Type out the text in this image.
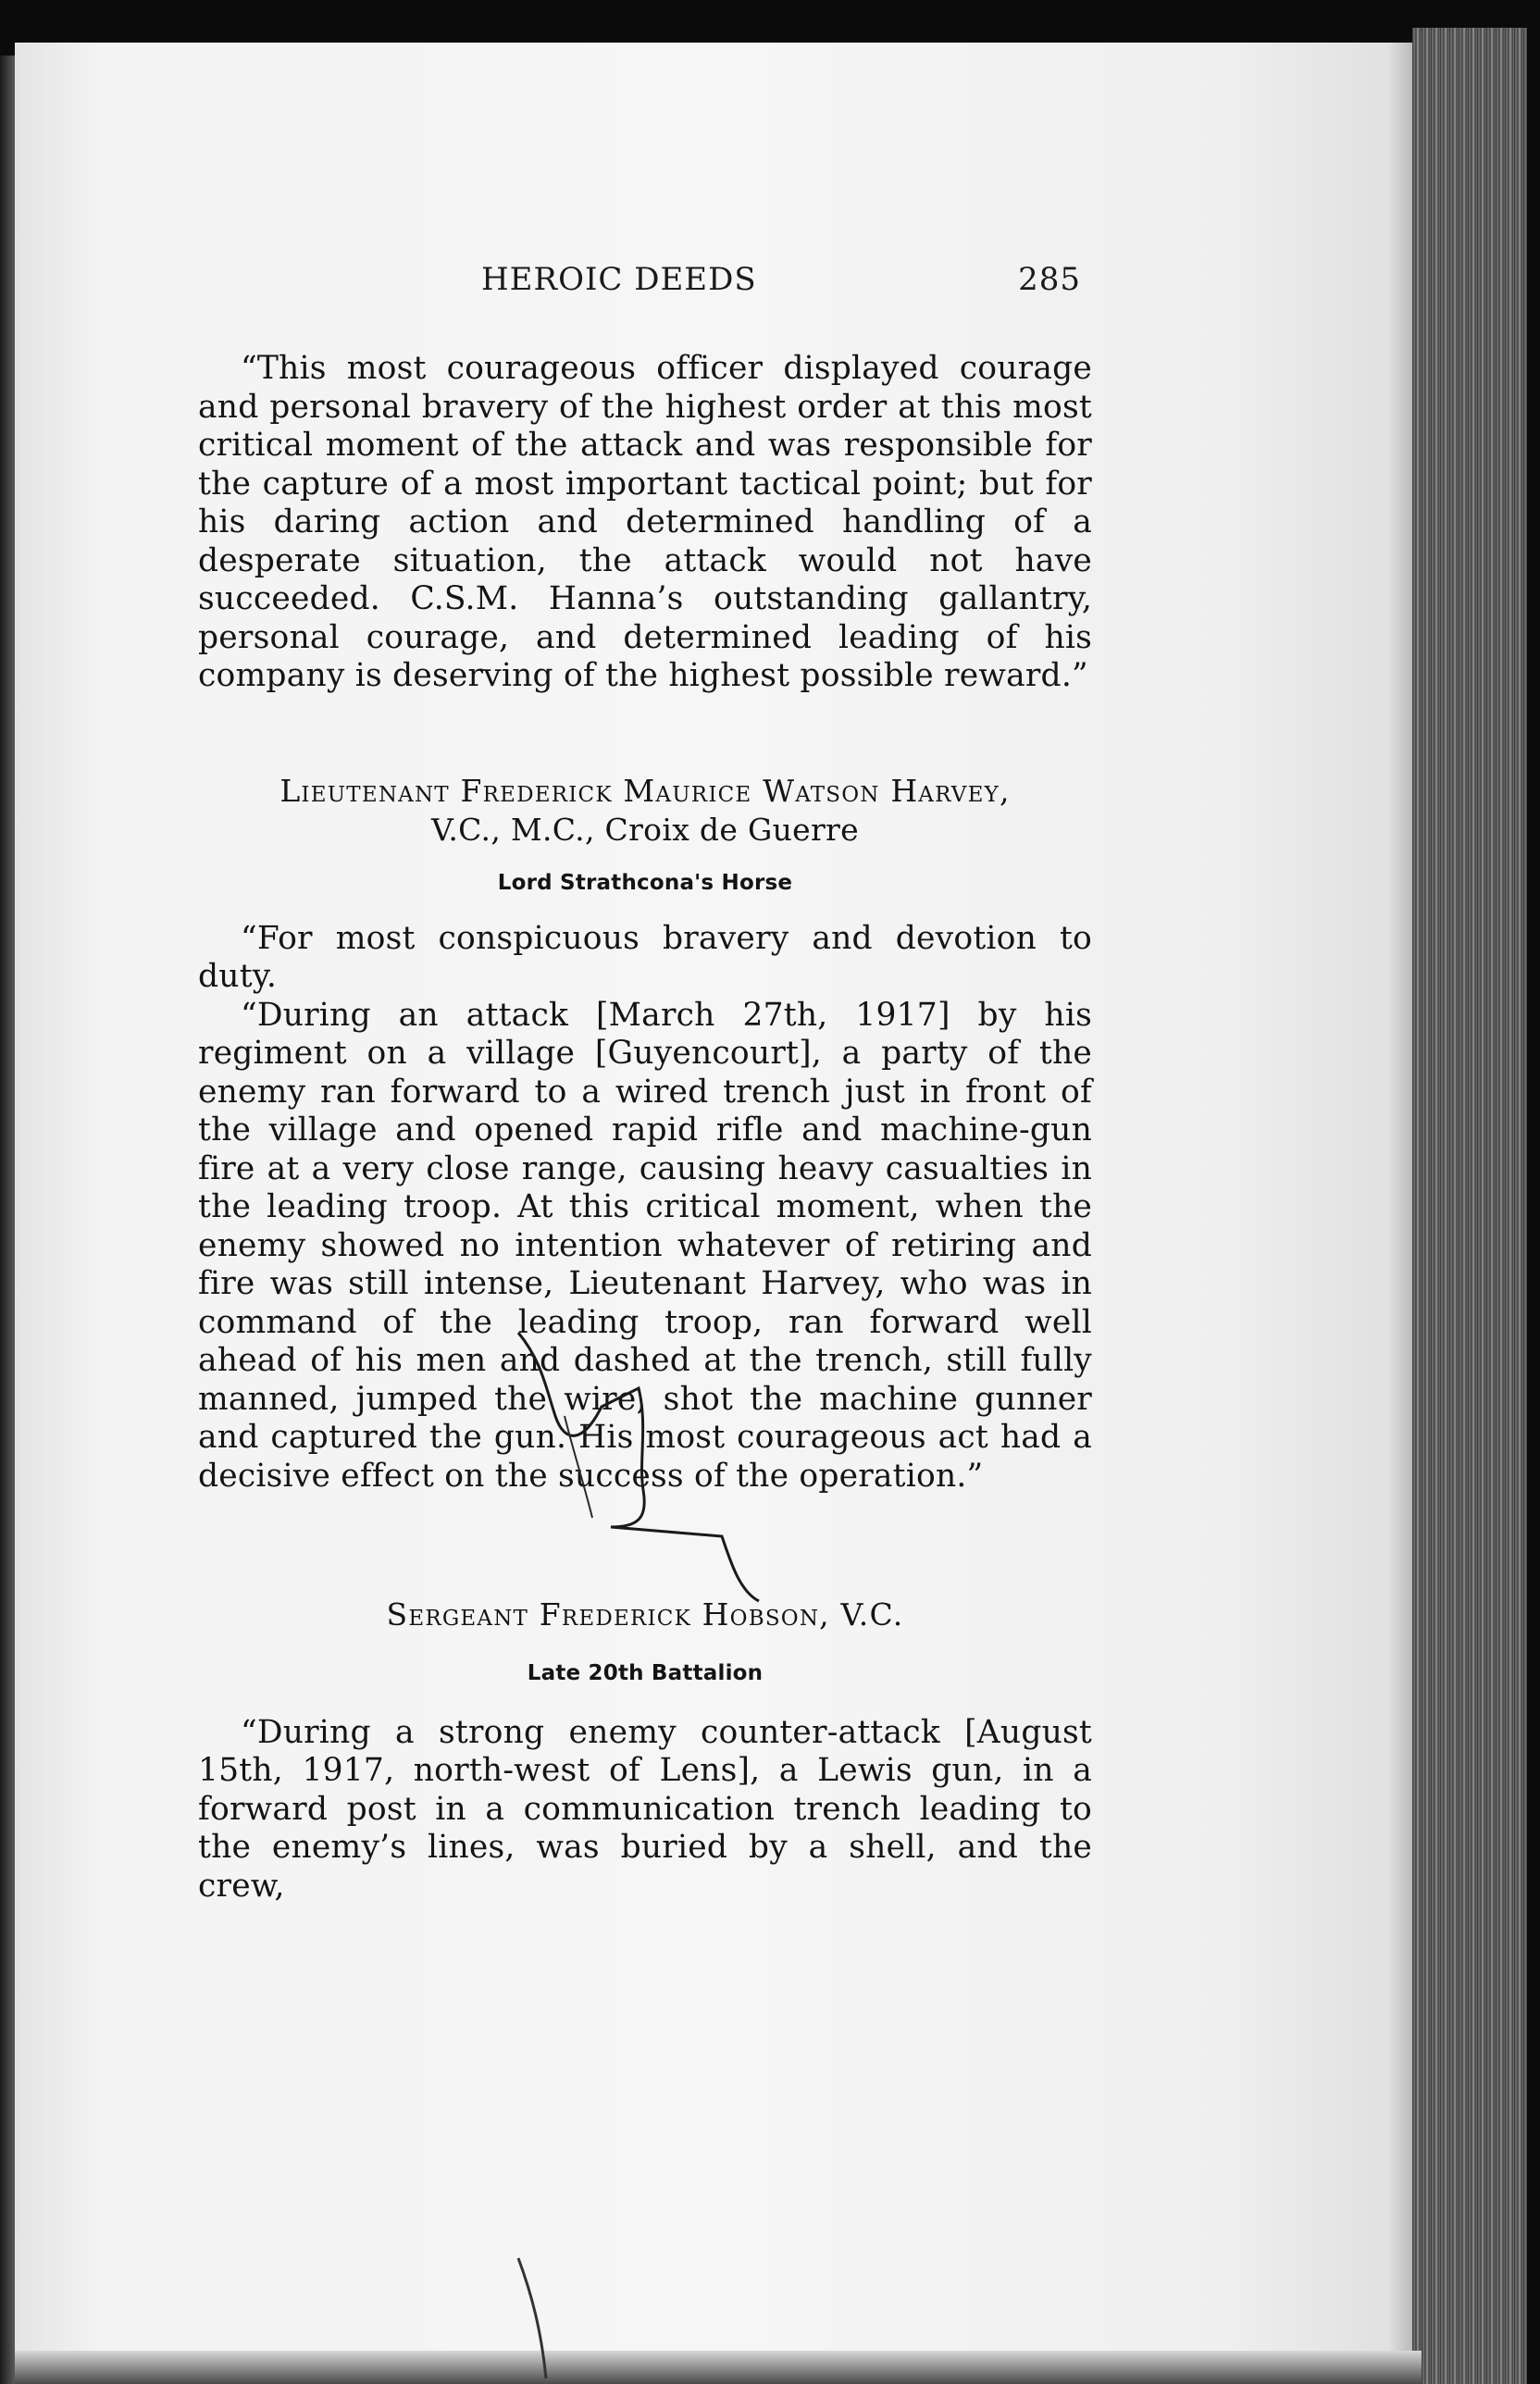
HEROIC DEEDS	285

“This most courageous officer displayed courage and personal bravery of the highest order at this most critical moment of the attack and was responsible for the capture of a most important tactical point; but for his daring action and determined handling of a desperate situation, the attack would not have succeeded. C.S.M. Hanna’s outstanding gallantry, personal courage, and determined leading of his company is deserving of the highest possible reward.”

Lieutenant Frederick Maurice Watson Harvey,

V.C., M.C., Croix de Guerre

Lord Strathcona's Horse

“For most conspicuous bravery and devotion to duty.

“During an attack [March 27th, 1917] by his regiment on a village [Guyencourt], a party of the enemy ran forward to a wired trench just in front of the village and opened rapid rifle and machine-gun fire at a very close range, causing heavy casualties in the leading troop. At this critical moment, when the enemy showed no intention whatever of retiring and fire was still intense, Lieutenant Harvey, who was in command of the leading troop, ran forward well ahead of his men and dashed at the trench, still fully manned, jumped the wire, shot the machine gunner and captured the gun. His most courageous act had a decisive effect on the success of the operation.”

Sergeant Frederick Hobson, V.C.

Late 20th Battalion

“During a strong enemy counter-attack [August 15th, 1917, north-west of Lens], a Lewis gun, in a forward post in a communication trench leading to the enemy’s lines, was buried by a shell, and the crew,
